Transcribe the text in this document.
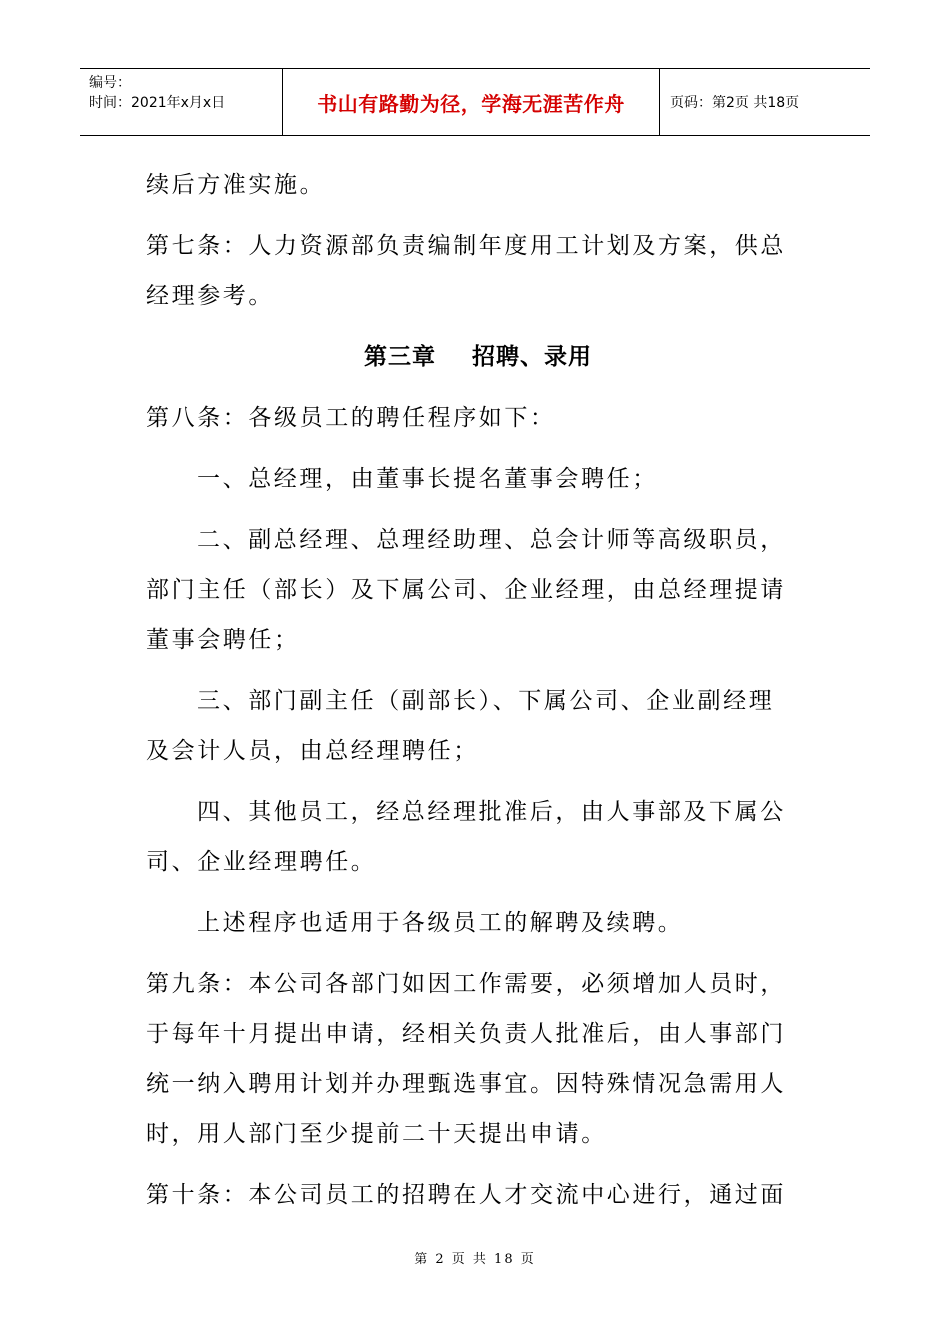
编号：
时间：2021年x月x日	书山有路勤为径，学海无涯苦作舟	页码：第2页 共18页
续后方准实施。
第七条：人力资源部负责编制年度用工计划及方案，供总
经理参考。
第三章    招聘、录用
第八条：各级员工的聘任程序如下：
一、总经理，由董事长提名董事会聘任；
二、副总经理、总理经助理、总会计师等高级职员，
部门主任（部长）及下属公司、企业经理，由总经理提请
董事会聘任；
三、部门副主任（副部长）、下属公司、企业副经理
及会计人员，由总经理聘任；
四、其他员工，经总经理批准后，由人事部及下属公
司、企业经理聘任。
上述程序也适用于各级员工的解聘及续聘。
第九条：本公司各部门如因工作需要，必须增加人员时，
于每年十月提出申请，经相关负责人批准后，由人事部门
统一纳入聘用计划并办理甄选事宜。因特殊情况急需用人
时，用人部门至少提前二十天提出申请。
第十条：本公司员工的招聘在人才交流中心进行，通过面
第 2 页 共 18 页
